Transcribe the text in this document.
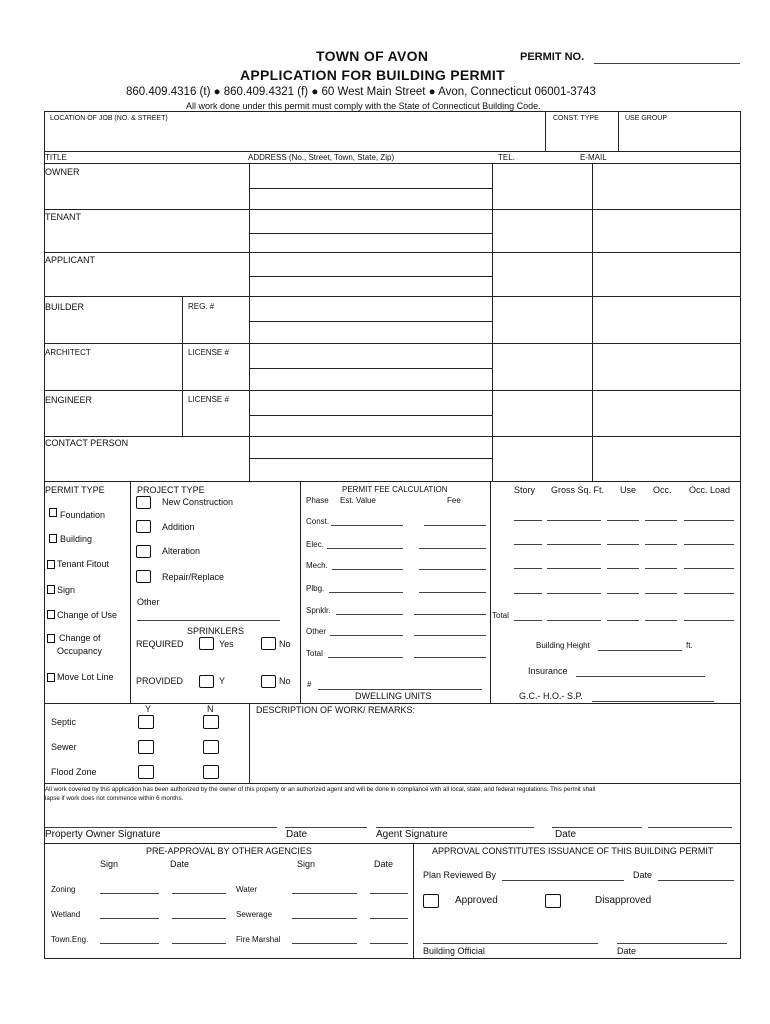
TOWN OF AVON	PERMIT NO.
APPLICATION FOR BUILDING PERMIT
860.409.4316 (t) ● 860.409.4321 (f) ● 60 West Main Street ● Avon, Connecticut 06001-3743
All work done under this permit must comply with the State of Connecticut Building Code.
LOCATION OF JOB (NO. & STREET)	CONST. TYPE	USE GROUP
TITLE	ADDRESS (No., Street, Town, State, Zip)	TEL.	E-MAIL
OWNER
TENANT
APPLICANT
BUILDER	REG. #
ARCHITECT	LICENSE #
ENGINEER	LICENSE #
CONTACT PERSON
PERMIT TYPE
Foundation
Building
Tenant Fitout
Sign
Change of Use
Change of
Occupancy
Move Lot Line
PROJECT TYPE
New Construction
Addition
Alteration
Repair/Replace
Other
SPRINKLERS
REQUIRED	Yes	No
PROVIDED	Y	No
PERMIT FEE CALCULATION
Phase Est. Value	Fee
Const.
Elec.
Mech.
Plbg.
Spnklr.
Other
Total
#
DWELLING UNITS
Story Gross Sq. Ft. Use Occ. Occ. Load
Total
Building Height	ft.
Insurance
G.C.- H.O.- S.P.
Y	N	DESCRIPTION OF WORK/ REMARKS:
Septic
Sewer
Flood Zone
All work covered by this application has been authorized by the owner of this property or an authorized agent and will be done in compliance with all local, state, and federal regulations. This permit shall
lapse if work does not commence within 6 months.
Property Owner Signature	Date	Agent Signature	Date
PRE-APPROVAL BY OTHER AGENCIES
Sign	Date	Sign	Date
Zoning	Water
Wetland	Sewerage
Town.Eng.	Fire Marshal
APPROVAL CONSTITUTES ISSUANCE OF THIS BUILDING PERMIT
Plan Reviewed By	Date
Approved	Disapproved
Building Official	Date
